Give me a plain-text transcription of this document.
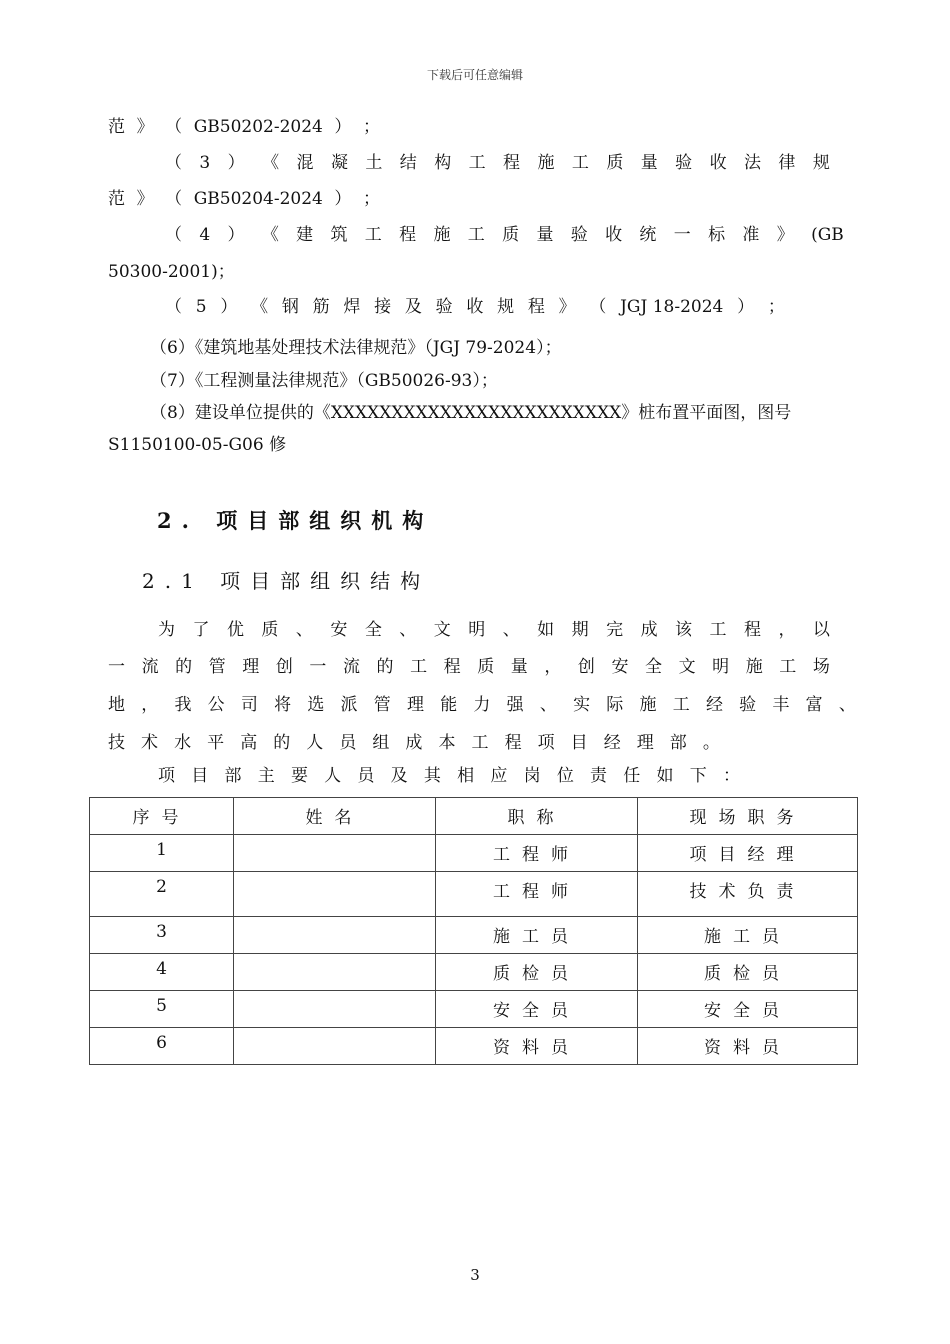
下载后可任意编辑
范 》 （ GB50202-2024 ） ；
（ 3 ） 《 混 凝 土 结 构 工 程 施 工 质 量 验 收 法 律 规
范 》 （ GB50204-2024 ） ；
（ 4 ） 《 建 筑 工 程 施 工 质 量 验 收 统 一 标 准 》 (GB
50300-2001)；
（ 5 ） 《 钢 筋 焊 接 及 验 收 规 程 》 （ JGJ 18-2024 ） ；
（6）《建筑地基处理技术法律规范》（JGJ 79-2024）；
（7）《工程测量法律规范》（GB50026-93）；
（8）建设单位提供的《XXXXXXXXXXXXXXXXXXXXXXXX》桩布置平面图，图号
S1150100-05-G06 修
2. 项目部组织机构
2.1 项目部组织结构
为 了 优 质 、 安 全 、 文 明 、 如 期 完 成 该 工 程 ， 以
一 流 的 管 理 创 一 流 的 工 程 质 量 ， 创 安 全 文 明 施 工 场
地 ， 我 公 司 将 选 派 管 理 能 力 强 、 实 际 施 工 经 验 丰 富 、
技 术 水 平 高 的 人 员 组 成 本 工 程 项 目 经 理 部 。
项 目 部 主 要 人 员 及 其 相 应 岗 位 责 任 如 下 ：
序号	姓名	职称	现场职务
1		工程师	项目经理
2		工程师	技术负责
3		施工员	施工员
4		质检员	质检员
5		安全员	安全员
6		资料员	资料员
3
